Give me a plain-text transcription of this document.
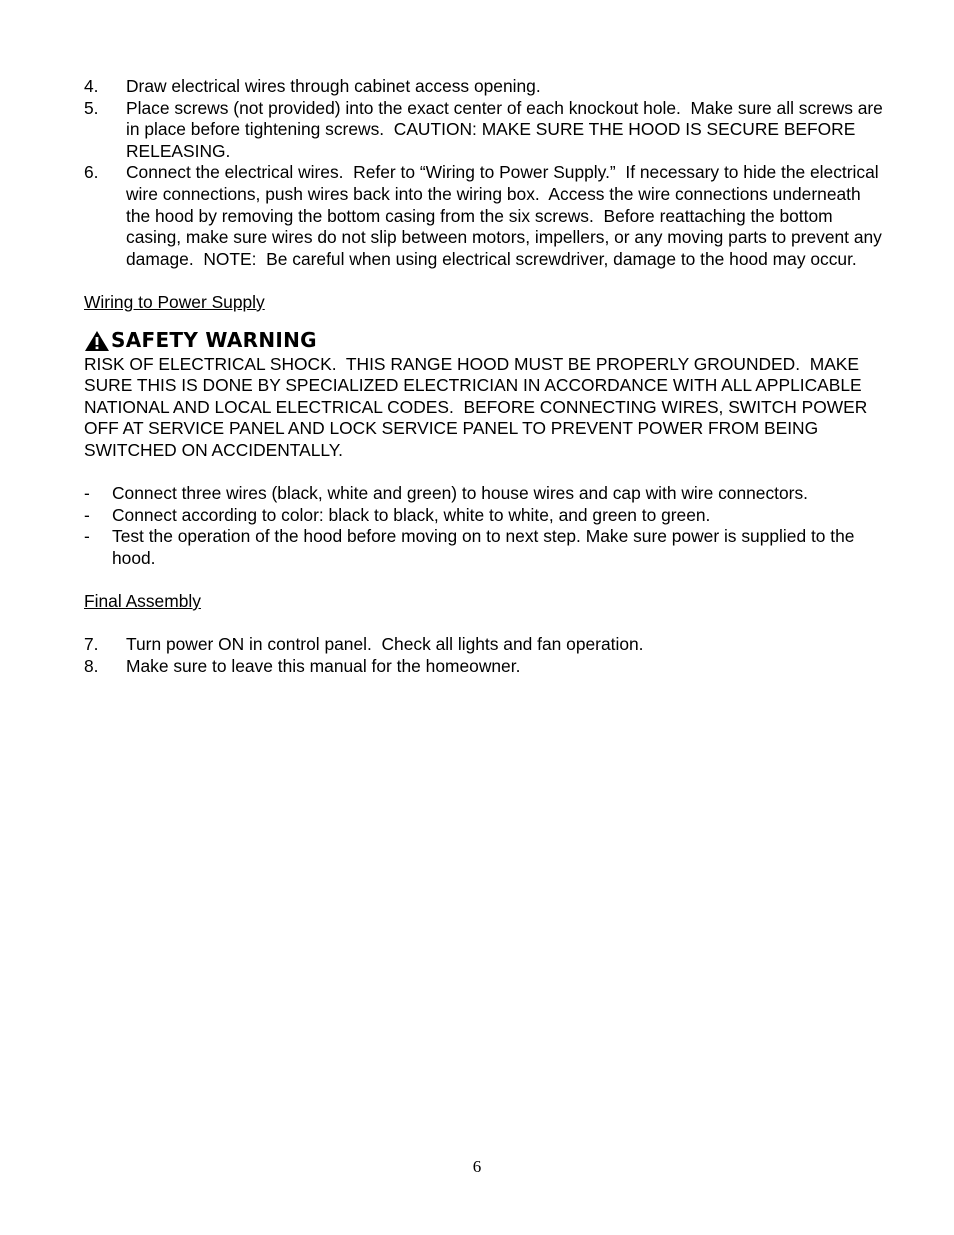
4.	Draw electrical wires through cabinet access opening.
5.	Place screws (not provided) into the exact center of each knockout hole.  Make sure all screws are in place before tightening screws.  CAUTION: MAKE SURE THE HOOD IS SECURE BEFORE RELEASING.
6.	Connect the electrical wires.  Refer to “Wiring to Power Supply.”  If necessary to hide the electrical wire connections, push wires back into the wiring box.  Access the wire connections underneath the hood by removing the bottom casing from the six screws.  Before reattaching the bottom casing, make sure wires do not slip between motors, impellers, or any moving parts to prevent any damage.  NOTE:  Be careful when using electrical screwdriver, damage to the hood may occur.
Wiring to Power Supply
SAFETY WARNING
RISK OF ELECTRICAL SHOCK.  THIS RANGE HOOD MUST BE PROPERLY GROUNDED.  MAKE SURE THIS IS DONE BY SPECIALIZED ELECTRICIAN IN ACCORDANCE WITH ALL APPLICABLE NATIONAL AND LOCAL ELECTRICAL CODES.  BEFORE CONNECTING WIRES, SWITCH POWER OFF AT SERVICE PANEL AND LOCK SERVICE PANEL TO PREVENT POWER FROM BEING SWITCHED ON ACCIDENTALLY.
-	Connect three wires (black, white and green) to house wires and cap with wire connectors.
-	Connect according to color: black to black, white to white, and green to green.
-	Test the operation of the hood before moving on to next step. Make sure power is supplied to the hood.
Final Assembly
7.	Turn power ON in control panel.  Check all lights and fan operation.
8.	Make sure to leave this manual for the homeowner.
6
